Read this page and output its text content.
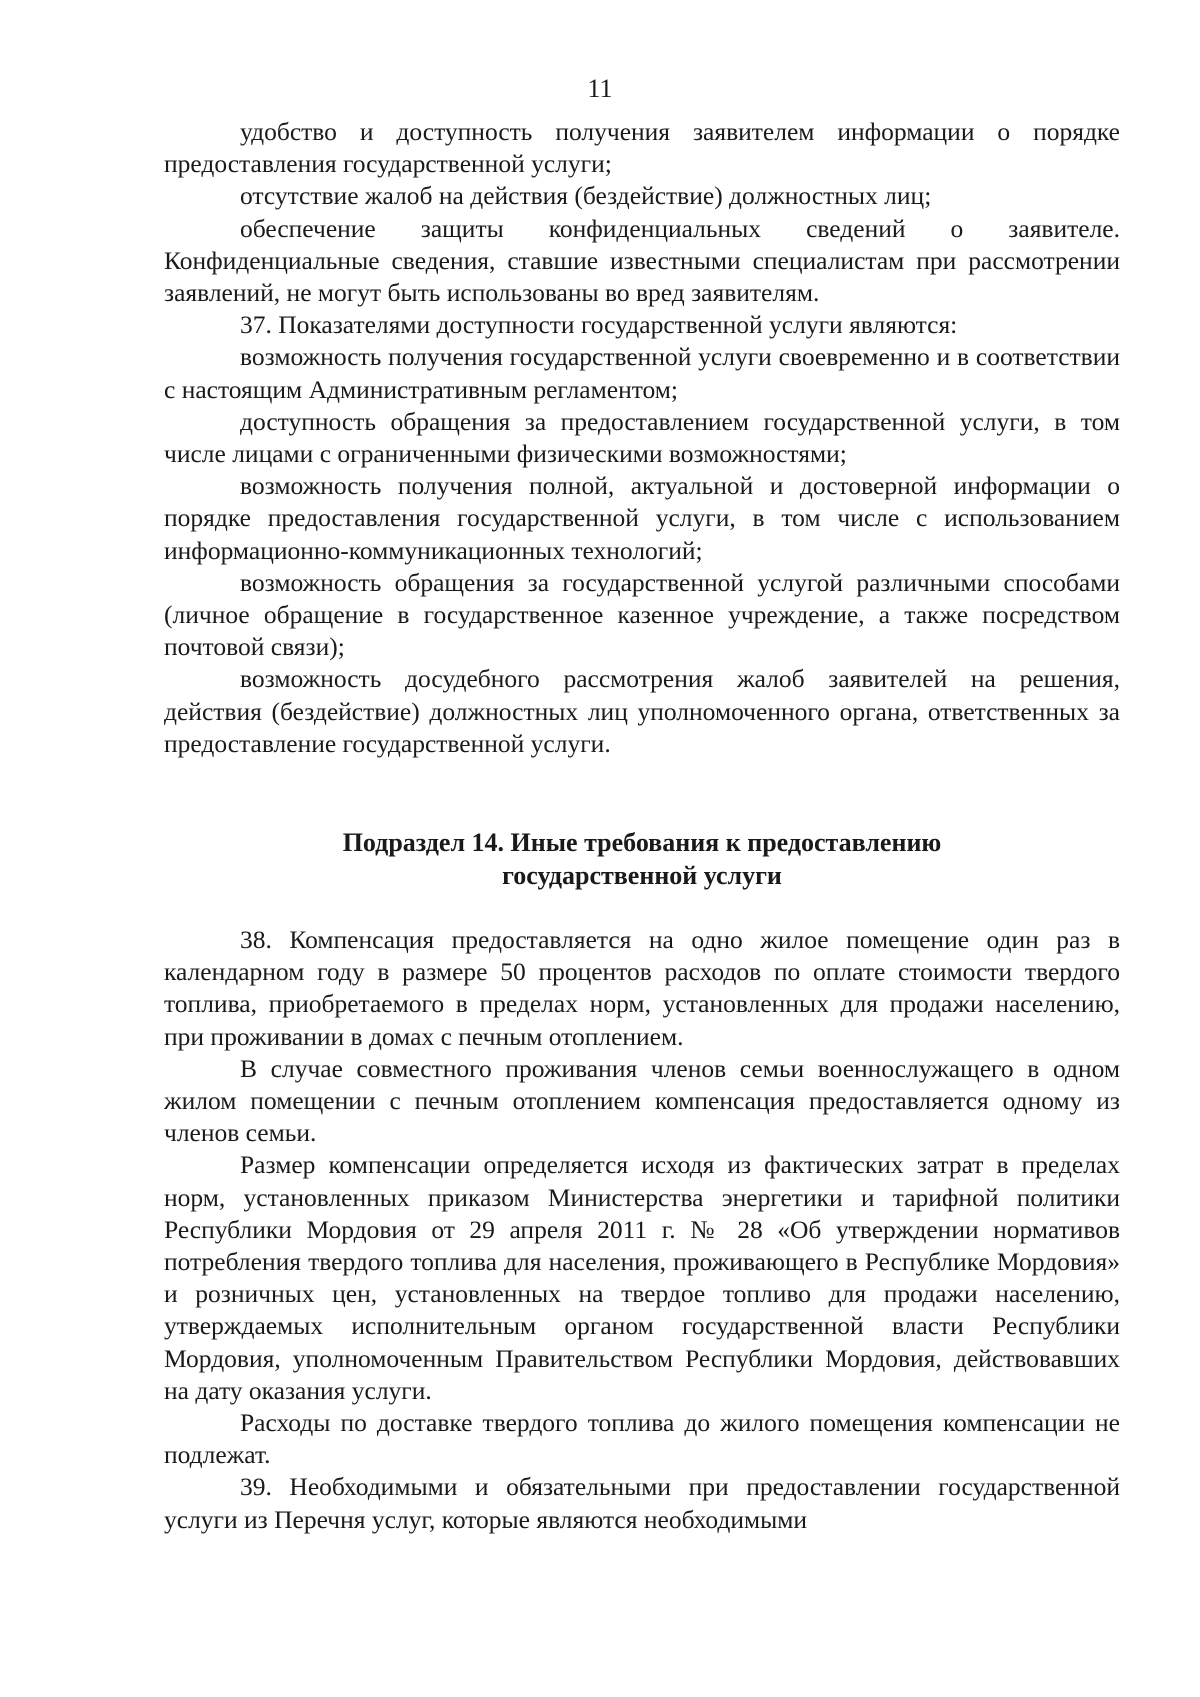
11

удобство и доступность получения заявителем информации о порядке предоставления государственной услуги;

отсутствие жалоб на действия (бездействие) должностных лиц;

обеспечение защиты конфиденциальных сведений о заявителе. Конфиденциальные сведения, ставшие известными специалистам при рассмотрении заявлений, не могут быть использованы во вред заявителям.

37. Показателями доступности государственной услуги являются:

возможность получения государственной услуги своевременно и в соответствии с настоящим Административным регламентом;

доступность обращения за предоставлением государственной услуги, в том числе лицами с ограниченными физическими возможностями;

возможность получения полной, актуальной и достоверной информации о порядке предоставления государственной услуги, в том числе с использованием информационно-коммуникационных технологий;

возможность обращения за государственной услугой различными способами (личное обращение в государственное казенное учреждение, а также посредством почтовой связи);

возможность досудебного рассмотрения жалоб заявителей на решения, действия (бездействие) должностных лиц уполномоченного органа, ответственных за предоставление государственной услуги.

Подраздел 14. Иные требования к предоставлению
государственной услуги

38. Компенсация предоставляется на одно жилое помещение один раз в календарном году в размере 50 процентов расходов по оплате стоимости твердого топлива, приобретаемого в пределах норм, установленных для продажи населению, при проживании в домах с печным отоплением.

В случае совместного проживания членов семьи военнослужащего в одном жилом помещении с печным отоплением компенсация предоставляется одному из членов семьи.

Размер компенсации определяется исходя из фактических затрат в пределах норм, установленных приказом Министерства энергетики и тарифной политики Республики Мордовия от 29 апреля 2011 г. № 28 «Об утверждении нормативов потребления твердого топлива для населения, проживающего в Республике Мордовия» и розничных цен, установленных на твердое топливо для продажи населению, утверждаемых исполнительным органом государственной власти Республики Мордовия, уполномоченным Правительством Республики Мордовия, действовавших на дату оказания услуги.

Расходы по доставке твердого топлива до жилого помещения компенсации не подлежат.

39. Необходимыми и обязательными при предоставлении государственной услуги из Перечня услуг, которые являются необходимыми
